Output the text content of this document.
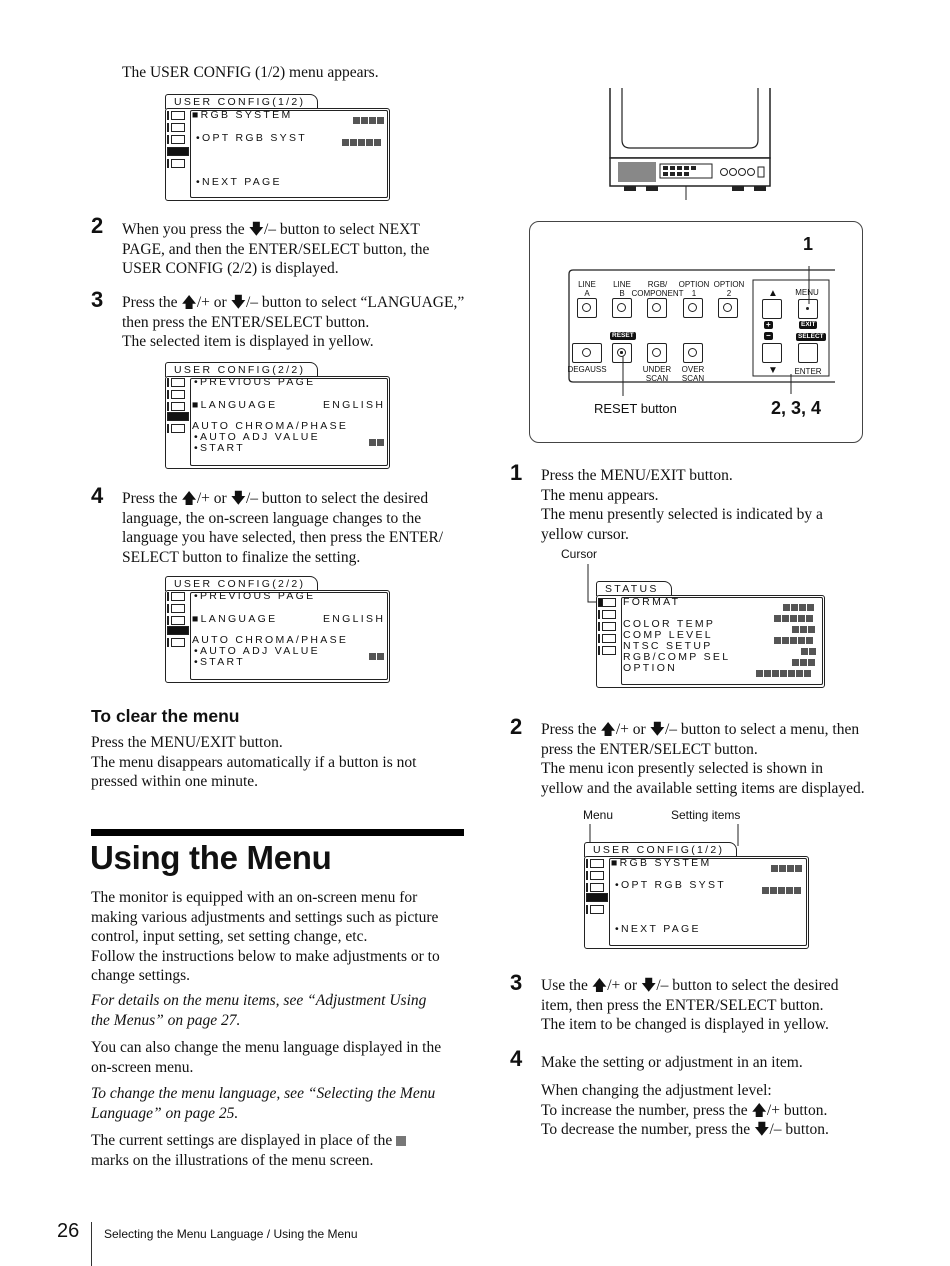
The USER CONFIG (1/2) menu appears.
USER CONFIG(1/2)
■RGB SYSTEM
•OPT RGB SYST
•NEXT PAGE
2 When you press the 🡇/– button to select NEXT
PAGE, and then the ENTER/SELECT button, the
USER CONFIG (2/2) is displayed.
3 Press the 🡅/+ or 🡇/– button to select “LANGUAGE,”
then press the ENTER/SELECT button.
The selected item is displayed in yellow.
USER CONFIG(2/2)
•PREVIOUS PAGE
■LANGUAGE	ENGLISH
AUTO CHROMA/PHASE
•AUTO ADJ VALUE
•START
4 Press the 🡅/+ or 🡇/– button to select the desired
language, the on-screen language changes to the
language you have selected, then press the ENTER/
SELECT button to finalize the setting.
USER CONFIG(2/2)
•PREVIOUS PAGE
■LANGUAGE	ENGLISH
AUTO CHROMA/PHASE
•AUTO ADJ VALUE
•START
To clear the menu
Press the MENU/EXIT button.
The menu disappears automatically if a button is not
pressed within one minute.
Using the Menu
The monitor is equipped with an on-screen menu for
making various adjustments and settings such as picture
control, input setting, set setting change, etc.
Follow the instructions below to make adjustments or to
change settings.
For details on the menu items, see “Adjustment Using
the Menus” on page 27.
You can also change the menu language displayed in the
on-screen menu.
To change the menu language, see “Selecting the Menu
Language” on page 25.
The current settings are displayed in place of the
marks on the illustrations of the menu screen.
1
2, 3, 4
RESET button
LINE
A
LINE
B
RGB/
COMPONENT
OPTION
1
OPTION
2
RESET
DEGAUSS	UNDER
SCAN
OVER
SCAN
▲
+
−
▼
MENU
EXIT
SELECT
ENTER
1 Press the MENU/EXIT button.
The menu appears.
The menu presently selected is indicated by a
yellow cursor.
Cursor
STATUS
FORMAT
COLOR TEMP
COMP LEVEL
NTSC SETUP
RGB/COMP SEL
OPTION
2 Press the 🡅/+ or 🡇/– button to select a menu, then
press the ENTER/SELECT button.
The menu icon presently selected is shown in
yellow and the available setting items are displayed.
Menu	Setting items
USER CONFIG(1/2)
■RGB SYSTEM
•OPT RGB SYST
•NEXT PAGE
3 Use the 🡅/+ or 🡇/– button to select the desired
item, then press the ENTER/SELECT button.
The item to be changed is displayed in yellow.
4 Make the setting or adjustment in an item.
When changing the adjustment level:
To increase the number, press the 🡅/+ button.
To decrease the number, press the 🡇/– button.
26 Selecting the Menu Language / Using the Menu
